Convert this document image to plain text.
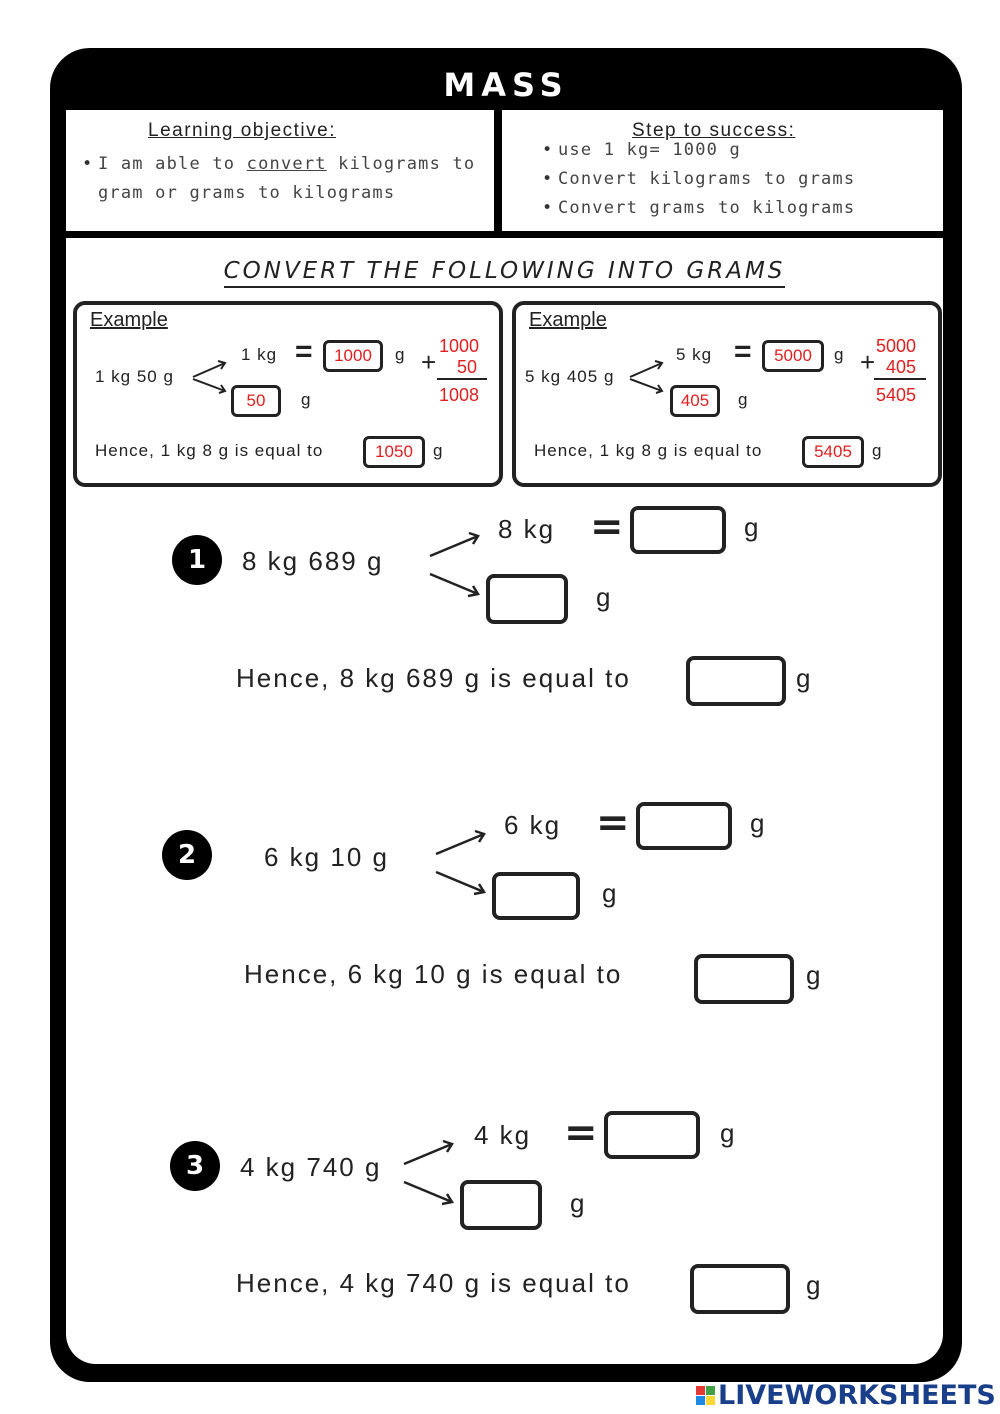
MASS
Learning objective:
• I am able to convert kilograms to gram or grams to kilograms
Step to success:
• use 1 kg= 1000 g
• Convert kilograms to grams
• Convert grams to kilograms
CONVERT THE FOLLOWING INTO GRAMS
Example
1 kg 50 g
1 kg =	1000	g
50	g
+
1000
50
1008
Hence, 1 kg 8 g is equal to	1050	g
Example
5 kg 405 g
5 kg =	5000	g
405	g
+
5000
405
5405
Hence, 1 kg 8 g is equal to	5405	g
1	8 kg 689 g
8 kg =	g
g
Hence, 8 kg 689 g is equal to	g
2	6 kg 10 g
6 kg =	g
g
Hence, 6 kg 10 g is equal to	g
3	4 kg 740 g
4 kg =	g
g
Hence, 4 kg 740 g is equal to	g
LIVEWORKSHEETS
